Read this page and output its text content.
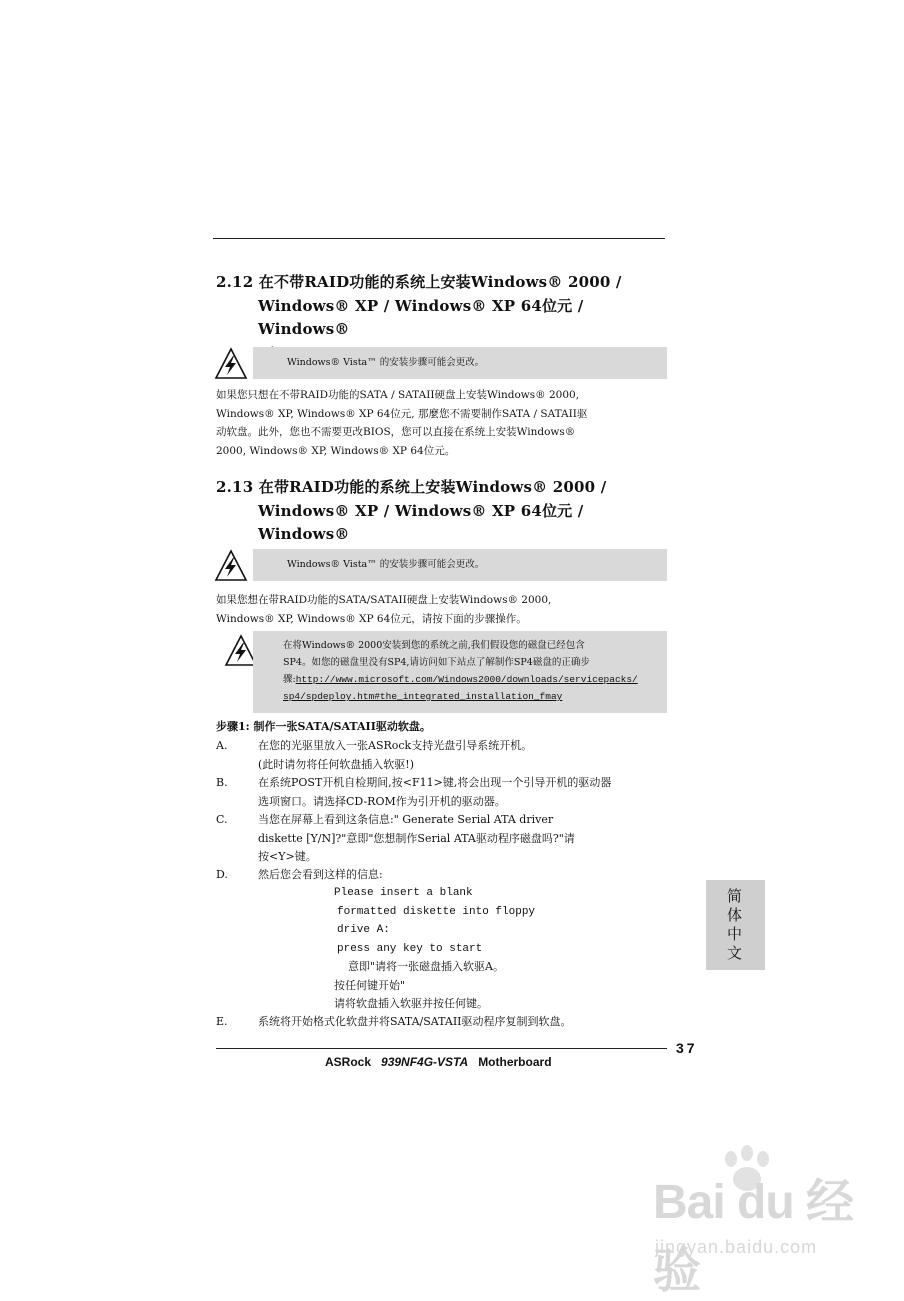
2.12 在不带RAID功能的系统上安装Windows® 2000 /
Windows® XP / Windows® XP 64位元 / Windows®
Windows® Vista™ 的安装步骤可能会更改。
如果您只想在不带RAID功能的SATA / SATAII硬盘上安装Windows® 2000,
Windows® XP, Windows® XP 64位元, 那麼您不需要制作SATA / SATAII驱
动软盘。此外，您也不需要更改BIOS，您可以直接在系统上安装Windows®
2000, Windows® XP, Windows® XP 64位元。
2.13 在带RAID功能的系统上安装Windows® 2000 /
Windows® XP / Windows® XP 64位元 / Windows®
Windows® Vista™ 的安装步骤可能会更改。
如果您想在带RAID功能的SATA/SATAII硬盘上安装Windows® 2000,
Windows® XP, Windows® XP 64位元，请按下面的步骤操作。
在将Windows® 2000安装到您的系统之前,我们假设您的磁盘已经包含
SP4。如您的磁盘里没有SP4,请访问如下站点了解制作SP4磁盘的正确步
骤:http://www.microsoft.com/Windows2000/downloads/servicepacks/
sp4/spdeploy.htm#the_integrated_installation_fmay
步骤1: 制作一张SATA/SATAII驱动软盘。
A.	在您的光驱里放入一张ASRock支持光盘引导系统开机。
(此时请勿将任何软盘插入软驱!)
B.	在系统POST开机自检期间,按<F11>键,将会出现一个引导开机的驱动器
选项窗口。请选择CD-ROM作为引开机的驱动器。
C.	当您在屏幕上看到这条信息:" Generate Serial ATA driver
diskette [Y/N]?"意即"您想制作Serial ATA驱动程序磁盘吗?"请
按<Y>键。
D.	然后您会看到这样的信息:
Please insert a blank
formatted diskette into floppy
drive A:
press any key to start
意即"请将一张磁盘插入软驱A。
按任何键开始"
请将软盘插入软驱并按任何键。
E.	系统将开始格式化软盘并将SATA/SATAII驱动程序复制到软盘。
简体中文
37
ASRock 939NF4G-VSTA Motherboard
Bai du 经验
jingyan.baidu.com
